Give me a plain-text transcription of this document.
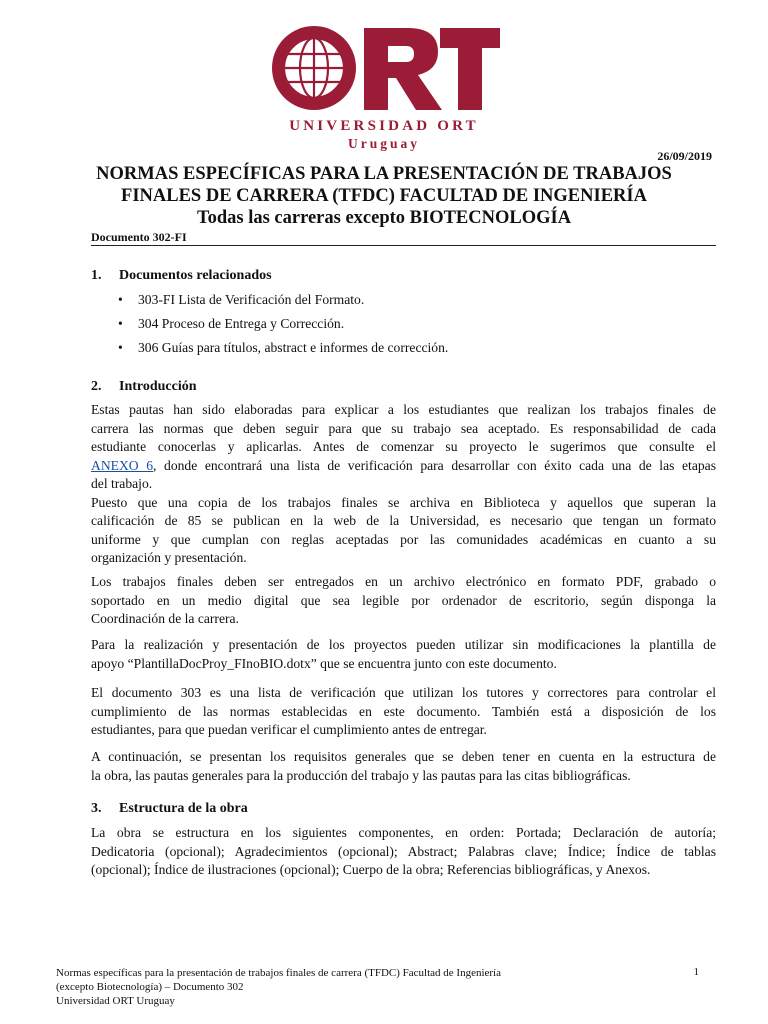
ORT
UNIVERSIDAD ORT
Uruguay
26/09/2019
NORMAS ESPECÍFICAS PARA LA PRESENTACIÓN DE TRABAJOS
FINALES DE CARRERA (TFDC) FACULTAD DE INGENIERÍA
Todas las carreras excepto BIOTECNOLOGÍA
Documento 302-FI
1. Documentos relacionados
• 303-FI Lista de Verificación del Formato.
• 304 Proceso de Entrega y Corrección.
• 306 Guías para títulos, abstract e informes de corrección.
2. Introducción
Estas pautas han sido elaboradas para explicar a los estudiantes que realizan los trabajos finales de
carrera las normas que deben seguir para que su trabajo sea aceptado. Es responsabilidad de cada
estudiante conocerlas y aplicarlas. Antes de comenzar su proyecto le sugerimos que consulte el
ANEXO 6, donde encontrará una lista de verificación para desarrollar con éxito cada una de las etapas
del trabajo.
Puesto que una copia de los trabajos finales se archiva en Biblioteca y aquellos que superan la
calificación de 85 se publican en la web de la Universidad, es necesario que tengan un formato
uniforme y que cumplan con reglas aceptadas por las comunidades académicas en cuanto a su
organización y presentación.
Los trabajos finales deben ser entregados en un archivo electrónico en formato PDF, grabado o
soportado en un medio digital que sea legible por ordenador de escritorio, según disponga la
Coordinación de la carrera.
Para la realización y presentación de los proyectos pueden utilizar sin modificaciones la plantilla de
apoyo “PlantillaDocProy_FInoBIO.dotx” que se encuentra junto con este documento.
El documento 303 es una lista de verificación que utilizan los tutores y correctores para controlar el
cumplimiento de las normas establecidas en este documento. También está a disposición de los
estudiantes, para que puedan verificar el cumplimiento antes de entregar.
A continuación, se presentan los requisitos generales que se deben tener en cuenta en la estructura de
la obra, las pautas generales para la producción del trabajo y las pautas para las citas bibliográficas.
3. Estructura de la obra
La obra se estructura en los siguientes componentes, en orden: Portada; Declaración de autoría;
Dedicatoria (opcional); Agradecimientos (opcional); Abstract; Palabras clave; Índice; Índice de tablas
(opcional); Índice de ilustraciones (opcional); Cuerpo de la obra; Referencias bibliográficas, y Anexos.
Normas específicas para la presentación de trabajos finales de carrera (TFDC) Facultad de Ingeniería
(excepto Biotecnología) – Documento 302
Universidad ORT Uruguay
1
